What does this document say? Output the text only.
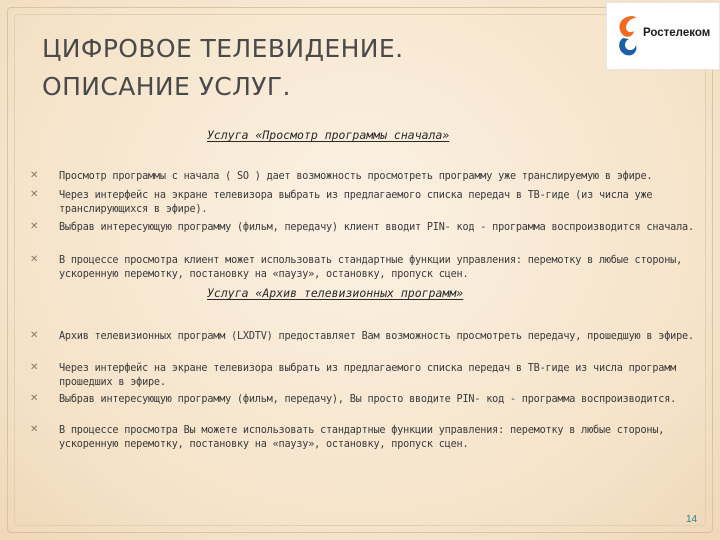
ЦИФРОВОЕ ТЕЛЕВИДЕНИЕ.
ОПИСАНИЕ УСЛУГ.
Ростелеком
Услуга «Просмотр программы сначала»
✕ Просмотр программы с начала ( SO ) дает возможность просмотреть программу уже транслируемую в эфире.
✕ Через интерфейс на экране телевизора выбрать из предлагаемого списка передач в ТВ-гиде (из числа уже транслирующихся в эфире).
✕ Выбрав интересующую программу (фильм, передачу) клиент вводит PIN- код - программа воспроизводится сначала.
✕ В процессе просмотра клиент может использовать стандартные функции управления: перемотку в любые стороны, ускоренную перемотку, постановку на «паузу», остановку, пропуск сцен.
Услуга «Архив телевизионных программ»
✕ Архив телевизионных программ (LXDTV) предоставляет Вам возможность просмотреть передачу, прошедшую в эфире.
✕ Через интерфейс на экране телевизора выбрать из предлагаемого списка передач в ТВ-гиде из числа программ прошедших в эфире.
✕ Выбрав интересующую программу (фильм, передачу), Вы просто вводите PIN- код - программа воспроизводится.
✕ В процессе просмотра Вы можете использовать стандартные функции управления: перемотку в любые стороны, ускоренную перемотку, постановку на «паузу», остановку, пропуск сцен.
14
